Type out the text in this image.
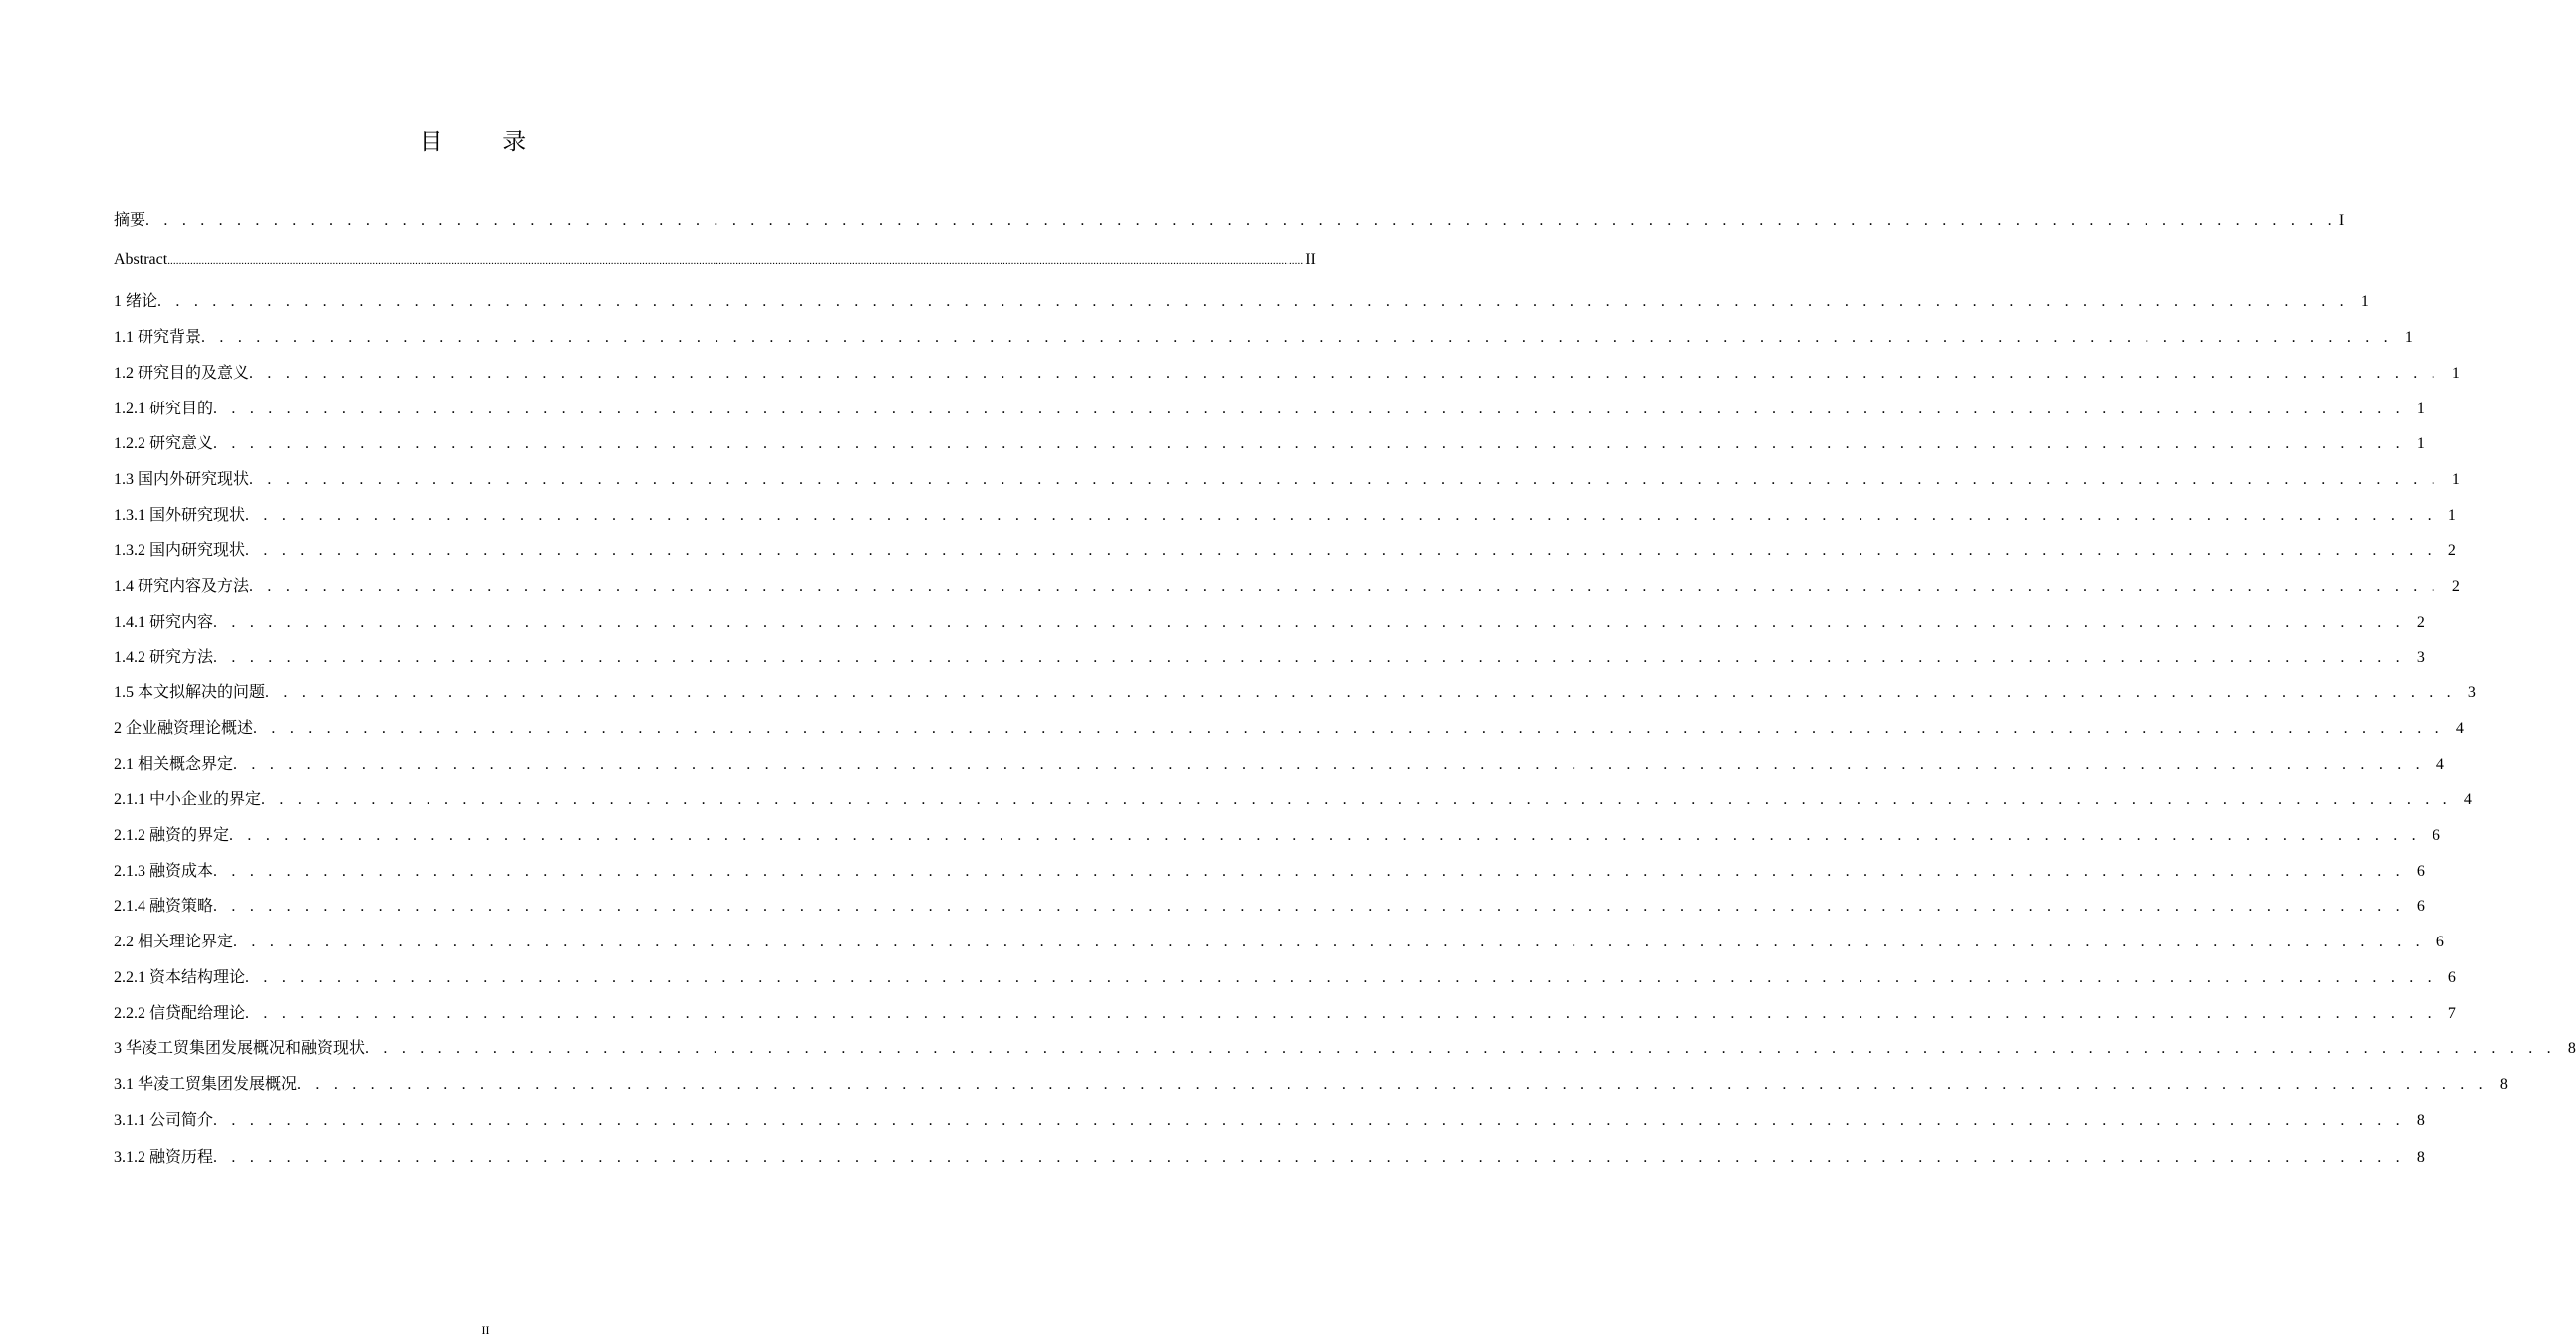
目 录
摘要 . . . . . . . . . . . . . . . . . . . . . . . . . . . . . . . . . . . . . . . . . . . . . . . . . . . . . . . . . . . . . . . . . . . . . . . . . . . . . . . . . . . . . . . . . . . . . . . . . . . . . . . . . . . . . . . . . . . . . . . . I
Abstract ................................................................................................................................................................................................................................................................................................................................................................................................................ II
1 绪论 . . . . . . . . . . . . . . . . . . . . . . . . . . . . . . . . . . . . . . . . . . . . . . . . . . . . . . . . . . . . . . . . . . . . . . . . . . . . . . . . . . . . . . . . . . . . . . . . . . . . . . . . . . . . . . . . . . . . . . . . 1
1.1 研究背景 . . . . . . . . . . . . . . . . . . . . . . . . . . . . . . . . . . . . . . . . . . . . . . . . . . . . . . . . . . . . . . . . . . . . . . . . . . . . . . . . . . . . . . . . . . . . . . . . . . . . . . . . . . . . . . . . . . . . . . . . 1
1.2 研究目的及意义 . . . . . . . . . . . . . . . . . . . . . . . . . . . . . . . . . . . . . . . . . . . . . . . . . . . . . . . . . . . . . . . . . . . . . . . . . . . . . . . . . . . . . . . . . . . . . . . . . . . . . . . . . . . . . . . . . . . . . . . . 1
1.2.1 研究目的 . . . . . . . . . . . . . . . . . . . . . . . . . . . . . . . . . . . . . . . . . . . . . . . . . . . . . . . . . . . . . . . . . . . . . . . . . . . . . . . . . . . . . . . . . . . . . . . . . . . . . . . . . . . . . . . . . . . . . . . . 1
1.2.2 研究意义 . . . . . . . . . . . . . . . . . . . . . . . . . . . . . . . . . . . . . . . . . . . . . . . . . . . . . . . . . . . . . . . . . . . . . . . . . . . . . . . . . . . . . . . . . . . . . . . . . . . . . . . . . . . . . . . . . . . . . . . . 1
1.3 国内外研究现状 . . . . . . . . . . . . . . . . . . . . . . . . . . . . . . . . . . . . . . . . . . . . . . . . . . . . . . . . . . . . . . . . . . . . . . . . . . . . . . . . . . . . . . . . . . . . . . . . . . . . . . . . . . . . . . . . . . . . . . . . 1
1.3.1 国外研究现状 . . . . . . . . . . . . . . . . . . . . . . . . . . . . . . . . . . . . . . . . . . . . . . . . . . . . . . . . . . . . . . . . . . . . . . . . . . . . . . . . . . . . . . . . . . . . . . . . . . . . . . . . . . . . . . . . . . . . . . . . 1
1.3.2 国内研究现状 . . . . . . . . . . . . . . . . . . . . . . . . . . . . . . . . . . . . . . . . . . . . . . . . . . . . . . . . . . . . . . . . . . . . . . . . . . . . . . . . . . . . . . . . . . . . . . . . . . . . . . . . . . . . . . . . . . . . . . . . 2
1.4 研究内容及方法 . . . . . . . . . . . . . . . . . . . . . . . . . . . . . . . . . . . . . . . . . . . . . . . . . . . . . . . . . . . . . . . . . . . . . . . . . . . . . . . . . . . . . . . . . . . . . . . . . . . . . . . . . . . . . . . . . . . . . . . . 2
1.4.1 研究内容 . . . . . . . . . . . . . . . . . . . . . . . . . . . . . . . . . . . . . . . . . . . . . . . . . . . . . . . . . . . . . . . . . . . . . . . . . . . . . . . . . . . . . . . . . . . . . . . . . . . . . . . . . . . . . . . . . . . . . . . . 2
1.4.2 研究方法 . . . . . . . . . . . . . . . . . . . . . . . . . . . . . . . . . . . . . . . . . . . . . . . . . . . . . . . . . . . . . . . . . . . . . . . . . . . . . . . . . . . . . . . . . . . . . . . . . . . . . . . . . . . . . . . . . . . . . . . . 3
1.5 本文拟解决的问题 . . . . . . . . . . . . . . . . . . . . . . . . . . . . . . . . . . . . . . . . . . . . . . . . . . . . . . . . . . . . . . . . . . . . . . . . . . . . . . . . . . . . . . . . . . . . . . . . . . . . . . . . . . . . . . . . . . . . . . . . 3
2 企业融资理论概述 . . . . . . . . . . . . . . . . . . . . . . . . . . . . . . . . . . . . . . . . . . . . . . . . . . . . . . . . . . . . . . . . . . . . . . . . . . . . . . . . . . . . . . . . . . . . . . . . . . . . . . . . . . . . . . . . . . . . . . . . 4
2.1 相关概念界定 . . . . . . . . . . . . . . . . . . . . . . . . . . . . . . . . . . . . . . . . . . . . . . . . . . . . . . . . . . . . . . . . . . . . . . . . . . . . . . . . . . . . . . . . . . . . . . . . . . . . . . . . . . . . . . . . . . . . . . . . 4
2.1.1 中小企业的界定 . . . . . . . . . . . . . . . . . . . . . . . . . . . . . . . . . . . . . . . . . . . . . . . . . . . . . . . . . . . . . . . . . . . . . . . . . . . . . . . . . . . . . . . . . . . . . . . . . . . . . . . . . . . . . . . . . . . . . . . . 4
2.1.2 融资的界定 . . . . . . . . . . . . . . . . . . . . . . . . . . . . . . . . . . . . . . . . . . . . . . . . . . . . . . . . . . . . . . . . . . . . . . . . . . . . . . . . . . . . . . . . . . . . . . . . . . . . . . . . . . . . . . . . . . . . . . . . 6
2.1.3 融资成本 . . . . . . . . . . . . . . . . . . . . . . . . . . . . . . . . . . . . . . . . . . . . . . . . . . . . . . . . . . . . . . . . . . . . . . . . . . . . . . . . . . . . . . . . . . . . . . . . . . . . . . . . . . . . . . . . . . . . . . . . 6
2.1.4 融资策略 . . . . . . . . . . . . . . . . . . . . . . . . . . . . . . . . . . . . . . . . . . . . . . . . . . . . . . . . . . . . . . . . . . . . . . . . . . . . . . . . . . . . . . . . . . . . . . . . . . . . . . . . . . . . . . . . . . . . . . . . 6
2.2 相关理论界定 . . . . . . . . . . . . . . . . . . . . . . . . . . . . . . . . . . . . . . . . . . . . . . . . . . . . . . . . . . . . . . . . . . . . . . . . . . . . . . . . . . . . . . . . . . . . . . . . . . . . . . . . . . . . . . . . . . . . . . . . 6
2.2.1 资本结构理论 . . . . . . . . . . . . . . . . . . . . . . . . . . . . . . . . . . . . . . . . . . . . . . . . . . . . . . . . . . . . . . . . . . . . . . . . . . . . . . . . . . . . . . . . . . . . . . . . . . . . . . . . . . . . . . . . . . . . . . . . 6
2.2.2 信贷配给理论 . . . . . . . . . . . . . . . . . . . . . . . . . . . . . . . . . . . . . . . . . . . . . . . . . . . . . . . . . . . . . . . . . . . . . . . . . . . . . . . . . . . . . . . . . . . . . . . . . . . . . . . . . . . . . . . . . . . . . . . . 7
3 华凌工贸集团发展概况和融资现状 . . . . . . . . . . . . . . . . . . . . . . . . . . . . . . . . . . . . . . . . . . . . . . . . . . . . . . . . . . . . . . . . . . . . . . . . . . . . . . . . . . . . . . . . . . . . . . . . . . . . . . . . . . . . . . . . . . . . . . . . 8
3.1 华凌工贸集团发展概况 . . . . . . . . . . . . . . . . . . . . . . . . . . . . . . . . . . . . . . . . . . . . . . . . . . . . . . . . . . . . . . . . . . . . . . . . . . . . . . . . . . . . . . . . . . . . . . . . . . . . . . . . . . . . . . . . . . . . . . . . 8
3.1.1 公司简介 . . . . . . . . . . . . . . . . . . . . . . . . . . . . . . . . . . . . . . . . . . . . . . . . . . . . . . . . . . . . . . . . . . . . . . . . . . . . . . . . . . . . . . . . . . . . . . . . . . . . . . . . . . . . . . . . . . . . . . . . 8
3.1.2 融资历程 . . . . . . . . . . . . . . . . . . . . . . . . . . . . . . . . . . . . . . . . . . . . . . . . . . . . . . . . . . . . . . . . . . . . . . . . . . . . . . . . . . . . . . . . . . . . . . . . . . . . . . . . . . . . . . . . . . . . . . . . 8
II
